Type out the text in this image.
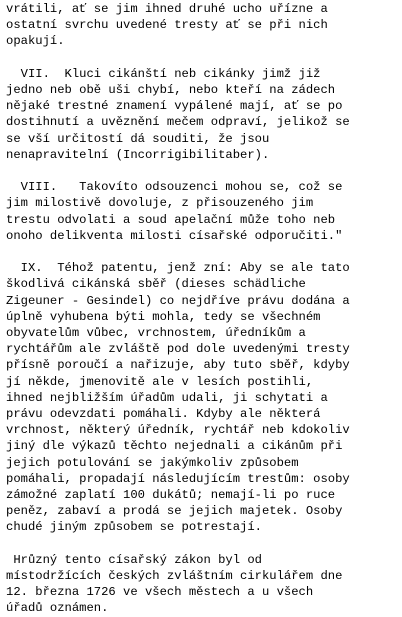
vrátili, ať se jim ihned druhé ucho uřízne a

ostatní svrchu uvedené tresty ať se při nich

opakují.

VII.  Kluci cikánští neb cikánky jimž již

jedno neb obě uši chybí, nebo kteří na zádech

nějaké trestné znamení vypálené mají, ať se po

dostihnutí a uvěznění mečem odpraví, jelikož se

se vší určitostí dá souditi, že jsou

nenapravitelní (Incorrigibilitaber).

VIII.   Takovíto odsouzenci mohou se, což se

jim milostivě dovoluje, z přisouzeného jim

trestu odvolati a soud apelační může toho neb

onoho delikventa milosti císařské odporučiti."

IX.  Téhož patentu, jenž zní: Aby se ale tato

škodlivá cikánská sběř (dieses schädliche

Zigeuner - Gesindel) co nejdříve právu dodána a

úplně vyhubena býti mohla, tedy se všechném

obyvatelům vůbec, vrchnostem, úředníkům a

rychtářům ale zvláště pod dole uvedenými tresty

přísně poroučí a nařizuje, aby tuto sběř, kdyby

jí někde, jmenovitě ale v lesích postihli,

ihned nejbližším úřadům udali, ji schytati a

právu odevzdati pomáhali. Kdyby ale některá

vrchnost, některý úředník, rychtář neb kdokoliv

jiný dle výkazů těchto nejednali a cikánům při

jejich potulování se jakýmkoliv způsobem

pomáhali, propadají následujícím trestům: osoby

zámožné zaplatí 100 dukátů; nemají-li po ruce

peněz, zabaví a prodá se jejich majetek. Osoby

chudé jiným způsobem se potrestají.

Hrůzný tento císařský zákon byl od

místodržících českých zvláštním cirkulářem dne

12. března 1726 ve všech městech a u všech

úřadů oznámen.
